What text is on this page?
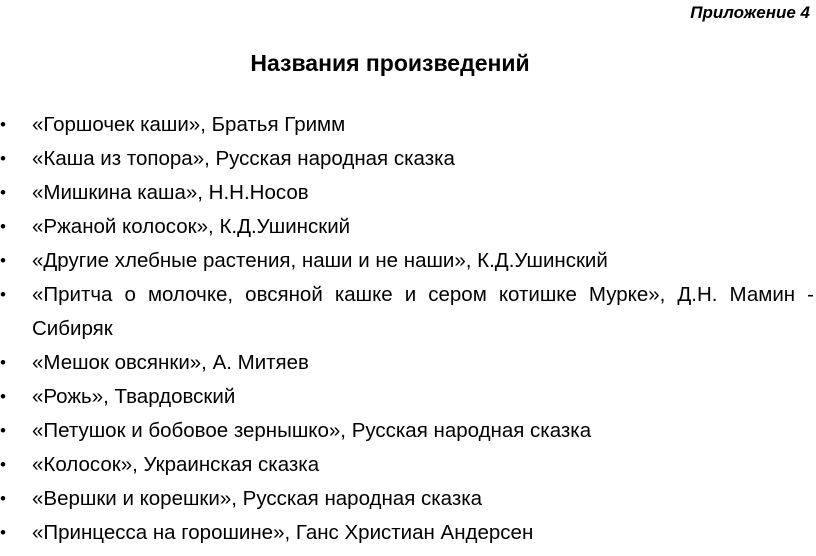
Приложение 4
Названия произведений
•	«Горшочек каши», Братья Гримм
•	«Каша из топора», Русская народная сказка
•	«Мишкина каша», Н.Н.Носов
•	«Ржаной колосок», К.Д.Ушинский
•	«Другие хлебные растения, наши и не наши», К.Д.Ушинский
•	«Притча о молочке, овсяной кашке и сером котишке Мурке», Д.Н. Мамин - Сибиряк
•	«Мешок овсянки», А. Митяев
•	«Рожь», Твардовский
•	«Петушок и бобовое зернышко», Русская народная сказка
•	«Колосок», Украинская сказка
•	«Вершки и корешки», Русская народная сказка
•	«Принцесса на горошине», Ганс Христиан Андерсен
